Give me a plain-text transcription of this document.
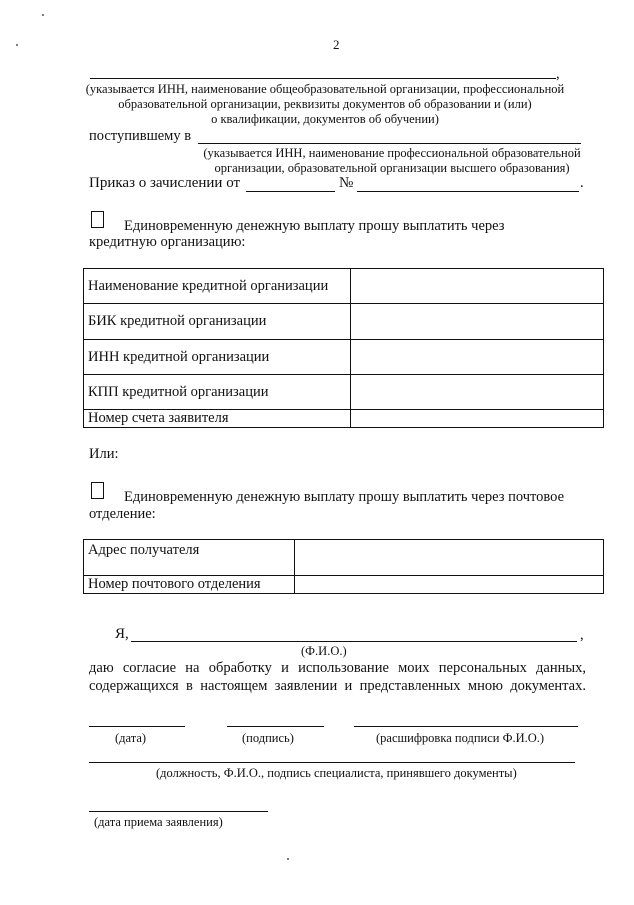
2
,
(указывается ИНН, наименование общеобразовательной организации, профессиональной
образовательной организации, реквизиты документов об образовании и (или)
о квалификации, документов об обучении)
поступившему в
(указывается ИНН, наименование профессиональной образовательной
организации, образовательной организации высшего образования)
Приказ о зачислении от	№	.
Единовременную денежную выплату прошу выплатить через
кредитную организацию:
Наименование кредитной организации	
БИК кредитной организации	
ИНН кредитной организации	
КПП кредитной организации	
Номер счета заявителя	
Или:
Единовременную денежную выплату прошу выплатить через почтовое
отделение:
Адрес получателя	
Номер почтового отделения	
Я,	,
(Ф.И.О.)
даю согласие на обработку и использование моих персональных данных,
содержащихся в настоящем заявлении и представленных мною документах.
(дата)	(подпись)	(расшифровка подписи Ф.И.О.)
(должность, Ф.И.О., подпись специалиста, принявшего документы)
(дата приема заявления)
